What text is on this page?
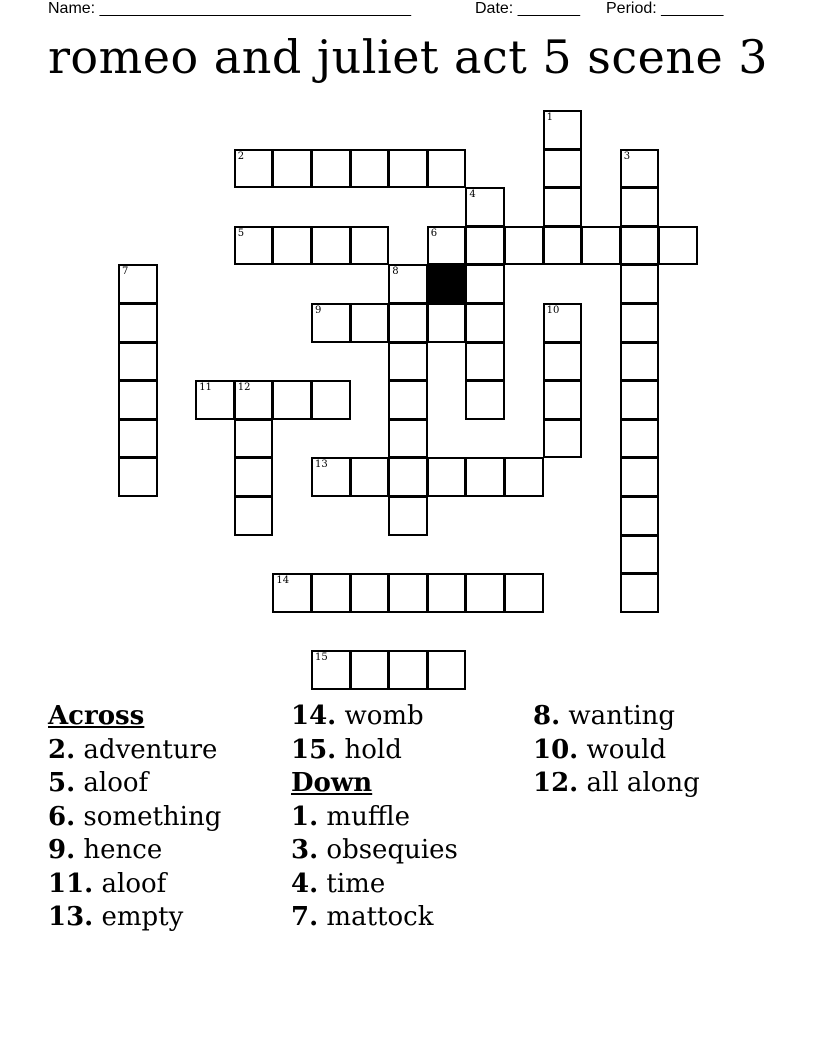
Name: ___________________________________	Date: _______ Period: _______
romeo and juliet act 5 scene 3
1
2	3
4
5	6
7	8
9	10
11	12
13
14
15
Across
2. adventure
5. aloof
6. something
9. hence
11. aloof
13. empty
14. womb
15. hold
Down
1. muffle
3. obsequies
4. time
7. mattock
8. wanting
10. would
12. all along
